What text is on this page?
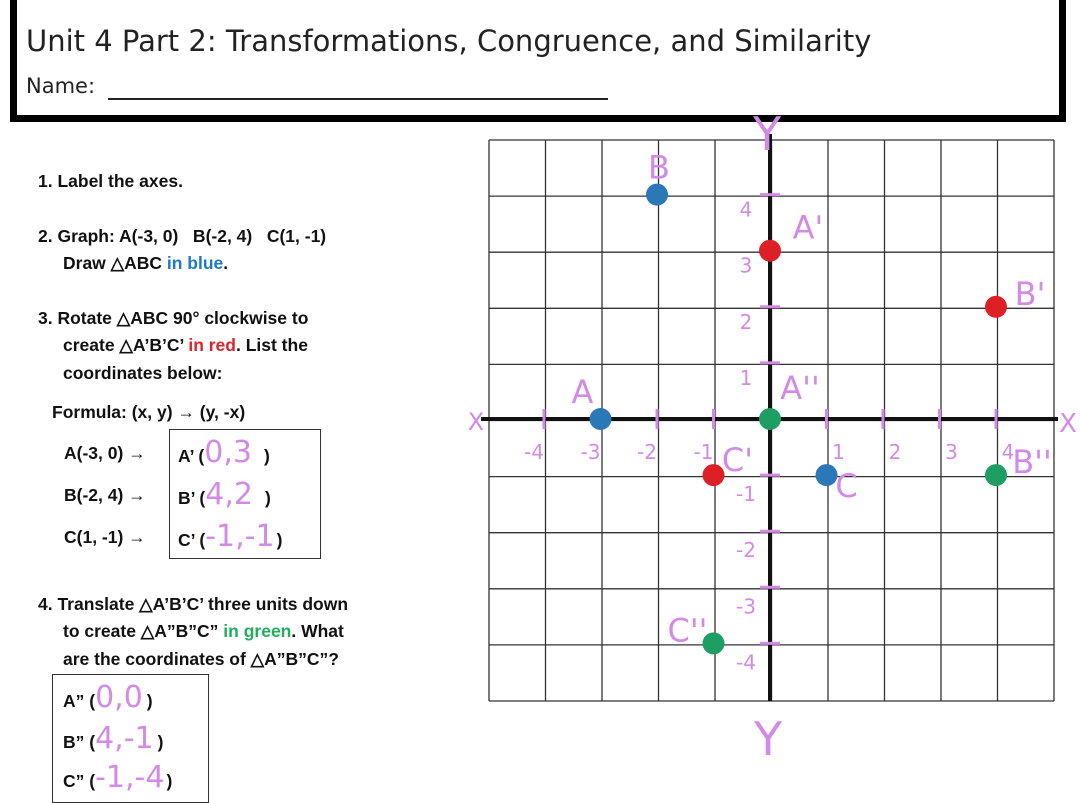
Unit 4 Part 2: Transformations, Congruence, and Similarity
Name:
1. Label the axes.
2. Graph: A(-3, 0)   B(-2, 4)   C(1, -1)
Draw △ABC in blue.
3. Rotate △ABC 90° clockwise to
create △A’B’C’ in red. List the
coordinates below:
Formula: (x, y) → (y, -x)
A(-3, 0) → A’ (0,3 )
B(-2, 4) → B’ (4,2 )
C(1, -1) → C’ (-1,-1 )
4. Translate △A’B’C’ three units down
to create △A”B”C” in green. What
are the coordinates of △A”B”C”?
A” (0,0 )
B” (4,-1 )
C” (-1,-4 )
X	X
Y
Y
-4 -3 -2 -1	1 2 3 4
4
3
2
1
-1
-2
-3
-4
A
B
C
A'
B'
C'
A''
B''
C''
